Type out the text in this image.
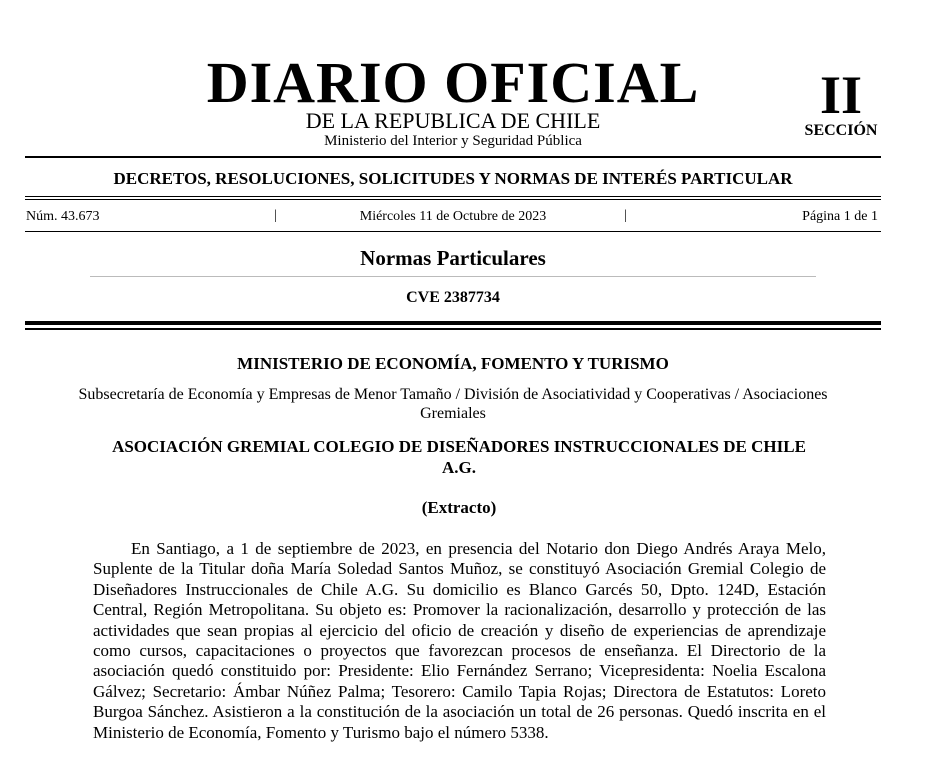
DIARIO OFICIAL
DE LA REPUBLICA DE CHILE
Ministerio del Interior y Seguridad Pública
II
SECCIÓN
DECRETOS, RESOLUCIONES, SOLICITUDES Y NORMAS DE INTERÉS PARTICULAR
Núm. 43.673	|	Miércoles 11 de Octubre de 2023	|	Página 1 de 1
Normas Particulares
CVE 2387734
MINISTERIO DE ECONOMÍA, FOMENTO Y TURISMO
Subsecretaría de Economía y Empresas de Menor Tamaño / División de Asociatividad y Cooperativas / Asociaciones Gremiales
ASOCIACIÓN GREMIAL COLEGIO DE DISEÑADORES INSTRUCCIONALES DE CHILE A.G.
(Extracto)
En Santiago, a 1 de septiembre de 2023, en presencia del Notario don Diego Andrés Araya Melo, Suplente de la Titular doña María Soledad Santos Muñoz, se constituyó Asociación Gremial Colegio de Diseñadores Instruccionales de Chile A.G. Su domicilio es Blanco Garcés 50, Dpto. 124D, Estación Central, Región Metropolitana. Su objeto es: Promover la racionalización, desarrollo y protección de las actividades que sean propias al ejercicio del oficio de creación y diseño de experiencias de aprendizaje como cursos, capacitaciones o proyectos que favorezcan procesos de enseñanza. El Directorio de la asociación quedó constituido por: Presidente: Elio Fernández Serrano; Vicepresidenta: Noelia Escalona Gálvez; Secretario: Ámbar Núñez Palma; Tesorero: Camilo Tapia Rojas; Directora de Estatutos: Loreto Burgoa Sánchez. Asistieron a la constitución de la asociación un total de 26 personas. Quedó inscrita en el Ministerio de Economía, Fomento y Turismo bajo el número 5338.
